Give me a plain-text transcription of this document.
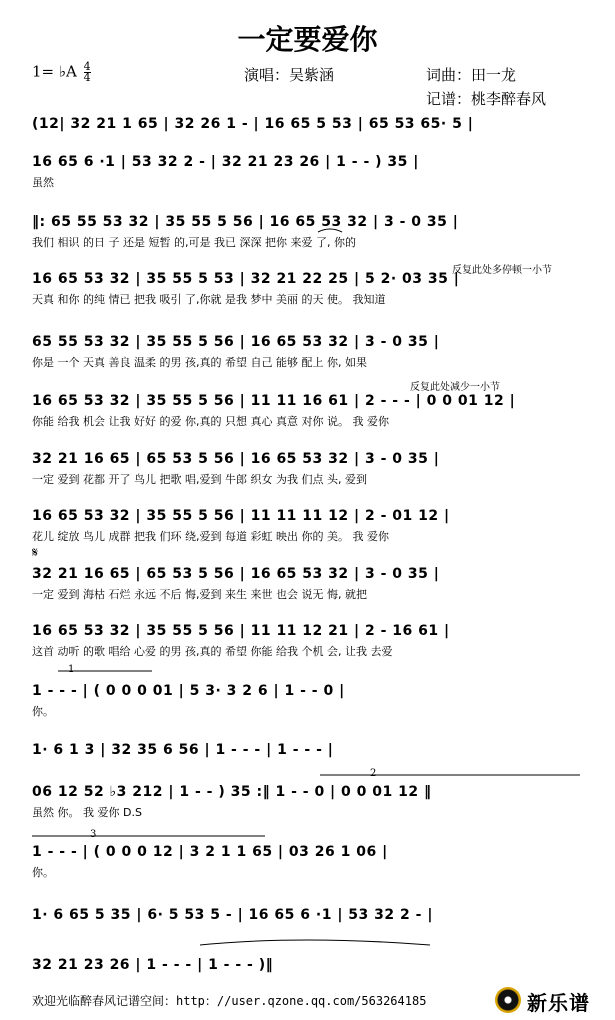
一定要爱你
1= ♭A $\frac{4}{4}$	演唱：吴紫涵	词曲：田一龙
记谱：桃李醉春风
(12| 32 21 1 65 | 32 26 1 - | 16 65 5 53 | 65 53 65· 5 |
16 65 6 ·1 | 53 32 2 - | 32 21 23 26 | 1 - - ) 35 |
虽然
‖: 65 55 53 32 | 35 55 5 56 | 16 65 53 32 | 3 - 0 35 |
我们 相识 的日 子 还是 短暂 的,可是 我已 深深 把你 来爱 了, 你的
16 65 53 32 | 35 55 5 53 | 32 21 22 25 | 5 2· 03 35 |
天真 和你 的纯 情已 把我 吸引 了,你就 是我 梦中 美丽 的天 使。 我知道
65 55 53 32 | 35 55 5 56 | 16 65 53 32 | 3 - 0 35 |
你是 一个 天真 善良 温柔 的男 孩,真的 希望 自己 能够 配上 你, 如果
16 65 53 32 | 35 55 5 56 | 11 11 16 61 | 2 - - - | 0 0 01 12 |
你能 给我 机会 让我 好好 的爱 你,真的 只想 真心 真意 对你 说。 我 爱你
32 21 16 65 | 65 53 5 56 | 16 65 53 32 | 3 - 0 35 |
一定 爱到 花都 开了 鸟儿 把歌 唱,爱到 牛郎 织女 为我 们点 头, 爱到
16 65 53 32 | 35 55 5 56 | 11 11 11 12 | 2 - 01 12 |
花儿 绽放 鸟儿 成群 把我 们环 绕,爱到 每道 彩虹 映出 你的 美。 我 爱你
32 21 16 65 | 65 53 5 56 | 16 65 53 32 | 3 - 0 35 |
一定 爱到 海枯 石烂 永远 不后 悔,爱到 来生 来世 也会 说无 悔, 就把
16 65 53 32 | 35 55 5 56 | 11 11 12 21 | 2 - 16 61 |
这首 动听 的歌 唱给 心爱 的男 孩,真的 希望 你能 给我 个机 会, 让我 去爱
1 - - - | ( 0 0 0 01 | 5 3· 3 2 6 | 1 - - 0 |
你。
1· 6 1 3 | 32 35 6 56 | 1 - - - | 1 - - - |
06 12 52 ♭3 212 | 1 - - ) 35 :‖ 1 - - 0 | 0 0 01 12 ‖
虽然 你。 我 爱你 D.S
1 - - - | ( 0 0 0 12 | 3 2 1 1 65 | 03 26 1 06 |
你。
1· 6 65 5 35 | 6· 5 53 5 - | 16 65 6 ·1 | 53 32 2 - |
32 21 23 26 | 1 - - - | 1 - - - )‖
反复此处多停顿一小节
反复此处减少一小节
1
2
3
𝄋
欢迎光临醉春风记谱空间：http：//user.qzone.qq.com/563264185	新乐谱
